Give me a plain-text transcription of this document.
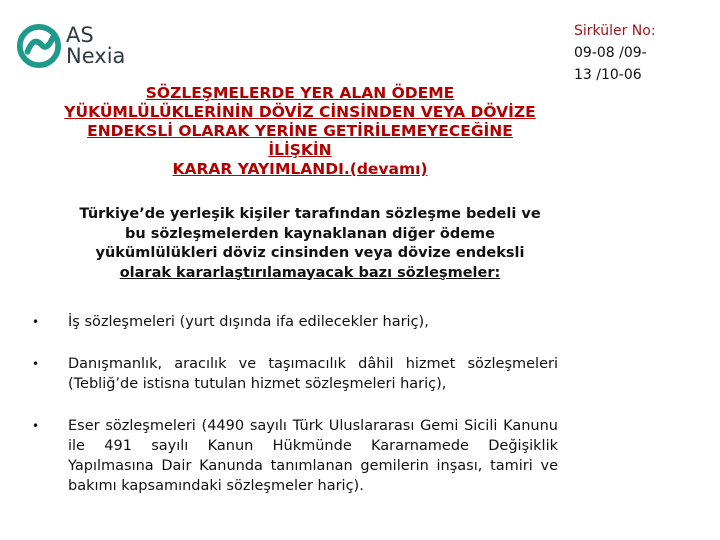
AS
Nexia
Sirküler No:
09-08 /09-
13 /10-06
SÖZLEŞMELERDE YER ALAN ÖDEME
YÜKÜMLÜLÜKLERİNİN DÖVİZ CİNSİNDEN VEYA DÖVİZE
ENDEKSLİ OLARAK YERİNE GETİRİLEMEYECEĞİNE
İLİŞKİN
KARAR YAYIMLANDI.(devamı)
Türkiye’de yerleşik kişiler tarafından sözleşme bedeli ve
bu sözleşmelerden kaynaklanan diğer ödeme
yükümlülükleri döviz cinsinden veya dövize endeksli
olarak kararlaştırılamayacak bazı sözleşmeler:
• İş sözleşmeleri (yurt dışında ifa edilecekler hariç),
• Danışmanlık, aracılık ve taşımacılık dâhil hizmet sözleşmeleri (Tebliğ’de istisna tutulan hizmet sözleşmeleri hariç),
• Eser sözleşmeleri (4490 sayılı Türk Uluslararası Gemi Sicili Kanunu ile 491 sayılı Kanun Hükmünde Kararnamede Değişiklik Yapılmasına Dair Kanunda tanımlanan gemilerin inşası, tamiri ve bakımı kapsamındaki sözleşmeler hariç).
